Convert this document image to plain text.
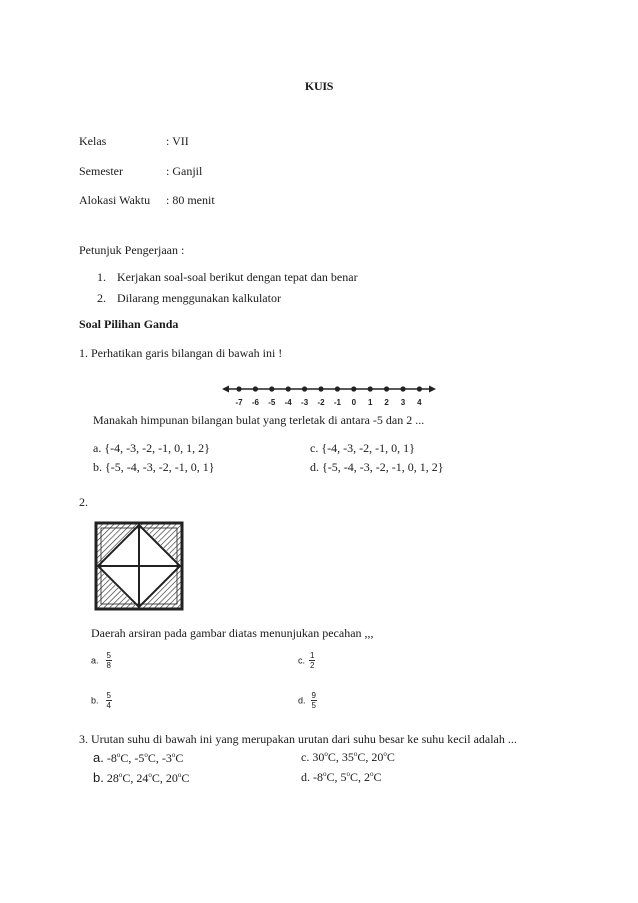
KUIS
Kelas	: VII
Semester	: Ganjil
Alokasi Waktu : 80 menit
Petunjuk Pengerjaan :
1. Kerjakan soal-soal berikut dengan tepat dan benar
2. Dilarang menggunakan kalkulator
Soal Pilihan Ganda
1. Perhatikan garis bilangan di bawah ini !
-7 -6 -5 -4 -3 -2 -1 0 1 2 3 4
Manakah himpunan bilangan bulat yang terletak di antara -5 dan 2 ...
a. {-4, -3, -2, -1, 0, 1, 2}
b. {-5, -4, -3, -2, -1, 0, 1}
c. {-4, -3, -2, -1, 0, 1}
d. {-5, -4, -3, -2, -1, 0, 1, 2}
2.
Daerah arsiran pada gambar diatas menunjukan pecahan ,,,
a. $\frac{5}{8}$	c. $\frac{1}{2}$
b. $\frac{5}{4}$	d. $\frac{9}{5}$
3. Urutan suhu di bawah ini yang merupakan urutan dari suhu besar ke suhu kecil adalah ...
a. -8$^o$C, -5$^o$C, -3$^o$C
b. 28$^o$C, 24$^o$C, 20$^o$C
c. 30$^o$C, 35$^o$C, 20$^o$C
d. -8$^o$C, 5$^o$C, 2$^o$C
